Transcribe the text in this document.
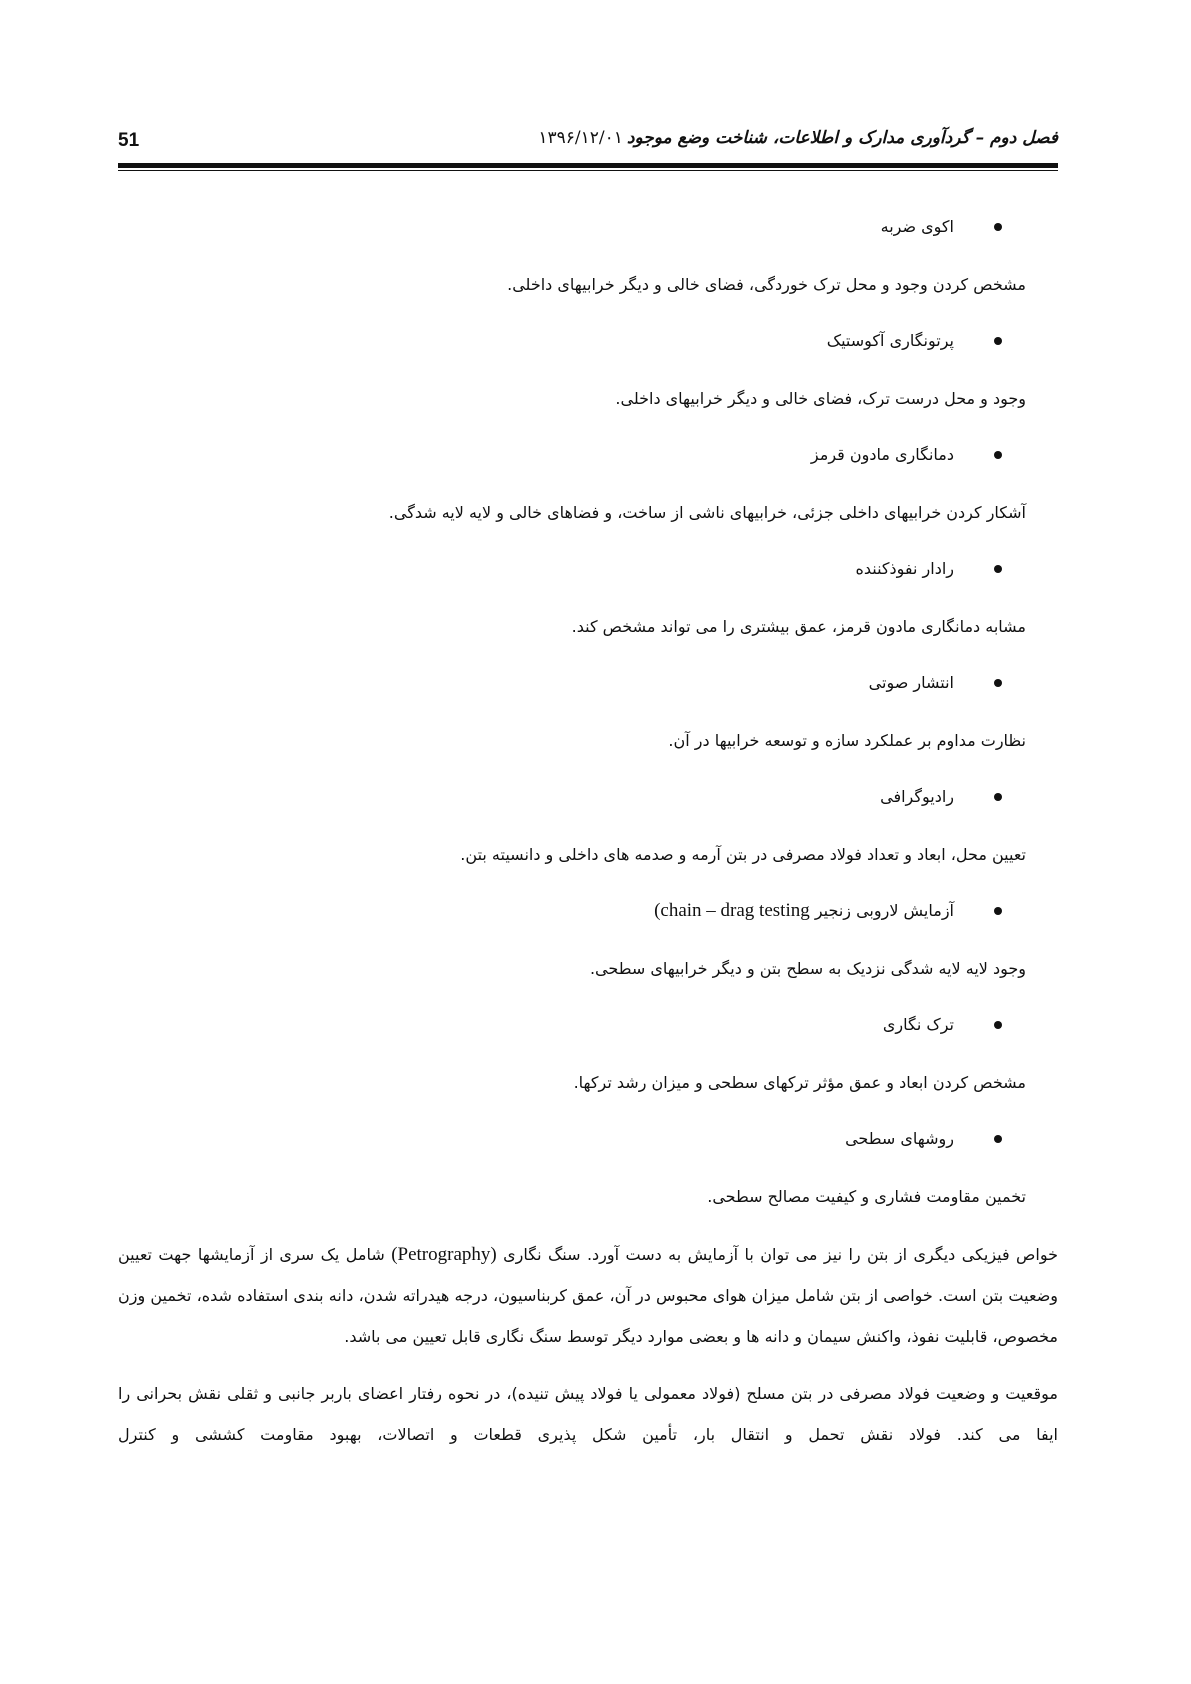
51	فصل دوم – گردآوری مدارک و اطلاعات، شناخت وضع موجود۱۳۹۶/۱۲/۰۱
اکوی ضربه
مشخص کردن وجود و محل ترک خوردگی، فضای خالی و دیگر خرابیهای داخلی.
پرتونگاری آکوستیک
وجود و محل درست ترک، فضای خالی و دیگر خرابیهای داخلی.
دمانگاری مادون قرمز
آشکار کردن خرابیهای داخلی جزئی، خرابیهای ناشی از ساخت، و فضاهای خالی و لایه لایه شدگی.
رادار نفوذکننده
مشابه دمانگاری مادون قرمز، عمق بیشتری را می تواند مشخص کند.
انتشار صوتی
نظارت مداوم بر عملکرد سازه و توسعه خرابیها در آن.
رادیوگرافی
تعیین محل، ابعاد و تعداد فولاد مصرفی در بتن آرمه و صدمه های داخلی و دانسیته بتن.
آزمایش لاروبی زنجیر (chain – drag testing
وجود لایه لایه شدگی نزدیک به سطح بتن و دیگر خرابیهای سطحی.
ترک نگاری
مشخص کردن ابعاد و عمق مؤثر ترکهای سطحی و میزان رشد ترکها.
روشهای سطحی
تخمین مقاومت فشاری و کیفیت مصالح سطحی.

خواص فیزیکی دیگری از بتن را نیز می توان با آزمایش به دست آورد. سنگ نگاری (Petrography) شامل یک سری از آزمایشها جهت تعیین وضعیت بتن است. خواصی از بتن شامل میزان هوای محبوس در آن، عمق کربناسیون، درجه هیدراته شدن، دانه بندی استفاده شده، تخمین وزن مخصوص، قابلیت نفوذ، واکنش سیمان و دانه ها و بعضی موارد دیگر توسط سنگ نگاری قابل تعیین می باشد.

موقعیت و وضعیت فولاد مصرفی در بتن مسلح (فولاد معمولی یا فولاد پیش تنیده)، در نحوه رفتار اعضای باربر جانبی و ثقلی نقش بحرانی را ایفا می کند. فولاد نقش تحمل و انتقال بار، تأمین شکل پذیری قطعات و اتصالات، بهبود مقاومت کششی و کنترل
